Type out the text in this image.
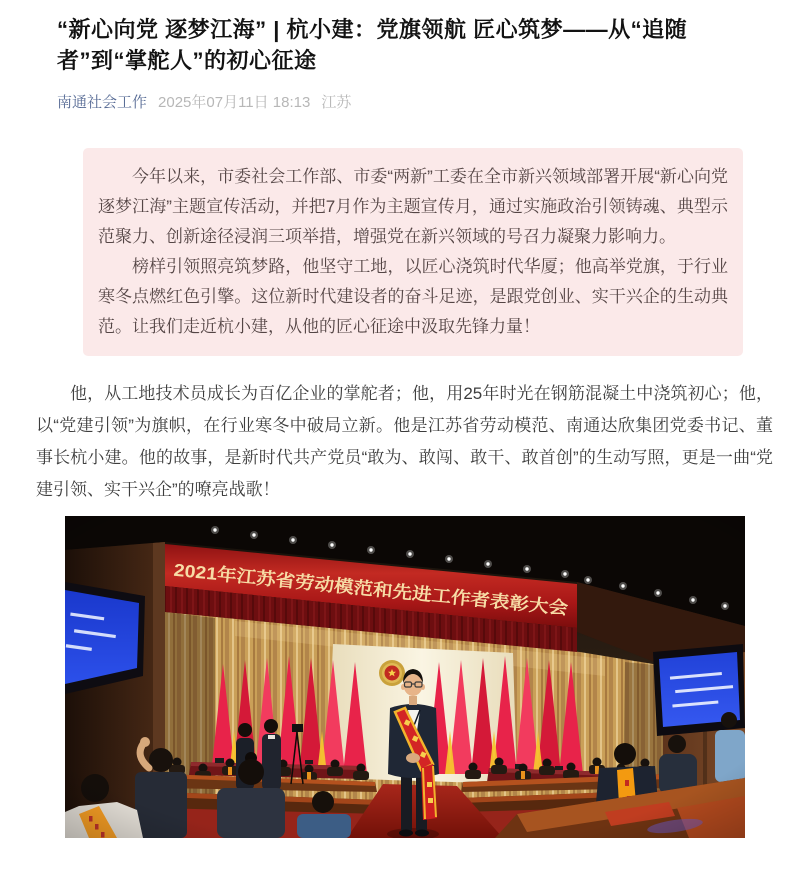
“新心向党 逐梦江海” | 杭小建：党旗领航 匠心筑梦——从“追随者”到“掌舵人”的初心征途
南通社会工作 2025年07月11日 18:13 江苏

今年以来，市委社会工作部、市委“两新”工委在全市新兴领域部署开展“新心向党 逐梦江海”主题宣传活动，并把7月作为主题宣传月，通过实施政治引领铸魂、典型示范聚力、创新途径浸润三项举措，增强党在新兴领域的号召力凝聚力影响力。

榜样引领照亮筑梦路，他坚守工地，以匠心浇筑时代华厦；他高举党旗，于行业寒冬点燃红色引擎。这位新时代建设者的奋斗足迹，是跟党创业、实干兴企的生动典范。让我们走近杭小建，从他的匠心征途中汲取先锋力量！

他，从工地技术员成长为百亿企业的掌舵者；他，用25年时光在钢筋混凝土中浇筑初心；他，以“党建引领”为旗帜，在行业寒冬中破局立新。他是江苏省劳动模范、南通达欣集团党委书记、董事长杭小建。他的故事，是新时代共产党员“敢为、敢闯、敢干、敢首创”的生动写照，更是一曲“党建引领、实干兴企”的嘹亮战歌！
